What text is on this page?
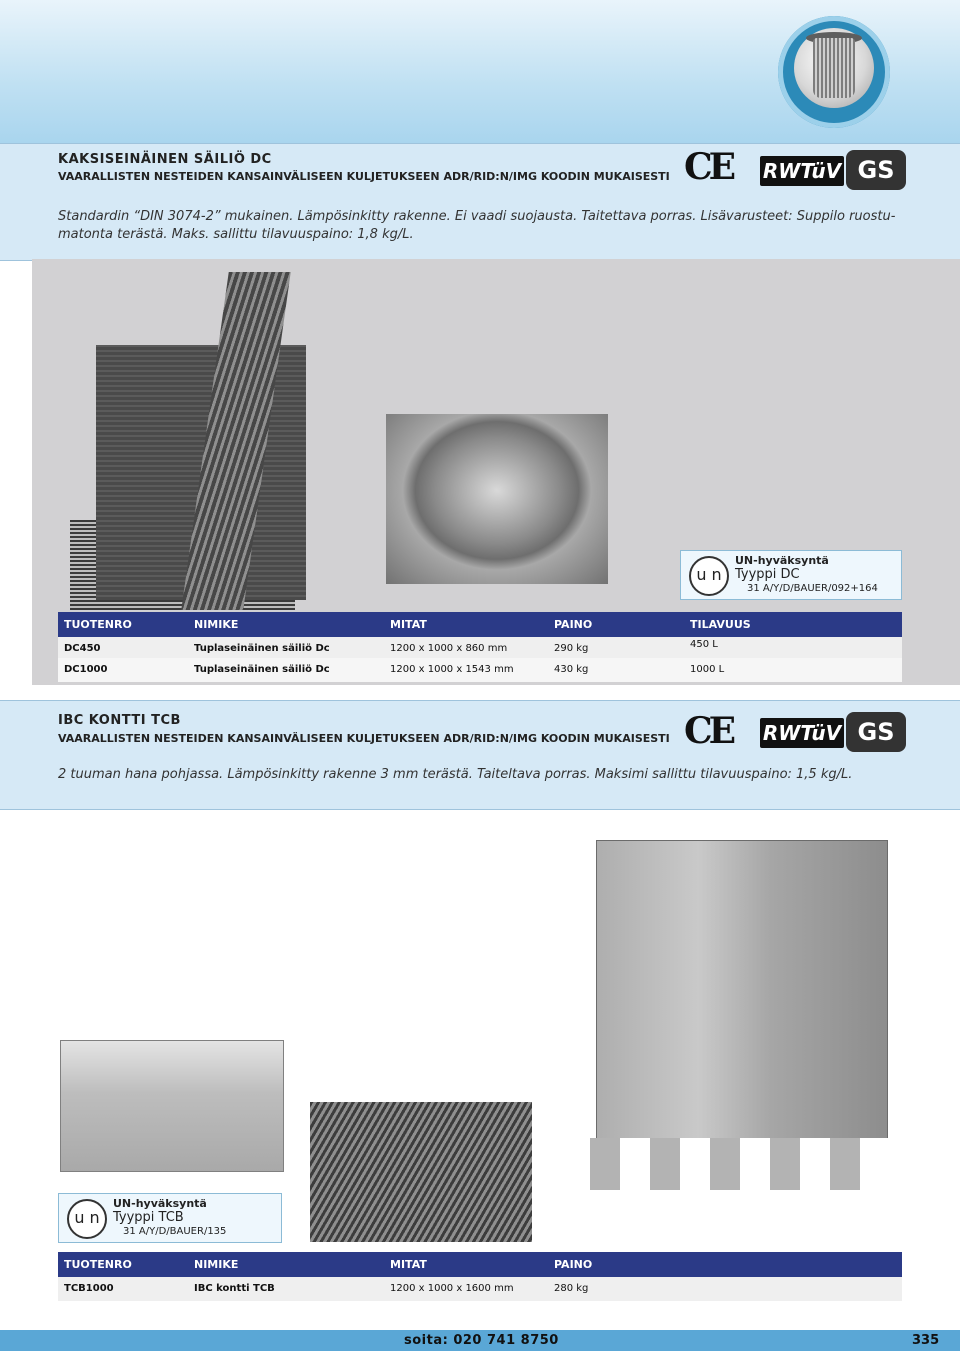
KAKSISEINÄINEN SÄILIÖ DC
VAARALLISTEN NESTEIDEN KANSAINVÄLISEEN KULJETUKSEEN ADR/RID:N/IMG KOODIN MUKAISESTI CE	RWTüV GS
Standardin “DIN 3074-2” mukainen. Lämpösinkitty rakenne. Ei vaadi suojausta. Taitettava porras. Lisävarusteet: Suppilo ruostu-
matonta terästä. Maks. sallittu tilavuuspaino: 1,8 kg/L.
u n
UN-hyväksyntä
Tyyppi DC
31 A/Y/D/BAUER/092+164
TUOTENRO	NIMIKE	MITAT	PAINO	TILAVUUS
DC450	Tuplaseinäinen säiliö Dc	1200 x 1000 x 860 mm	290 kg	450 L
DC1000	Tuplaseinäinen säiliö Dc	1200 x 1000 x 1543 mm	430 kg	1000 L
IBC KONTTI TCB
VAARALLISTEN NESTEIDEN KANSAINVÄLISEEN KULJETUKSEEN ADR/RID:N/IMG KOODIN MUKAISESTI CE	RWTüV GS
2 tuuman hana pohjassa. Lämpösinkitty rakenne 3 mm terästä. Taiteltava porras. Maksimi sallittu tilavuuspaino: 1,5 kg/L.
u n
UN-hyväksyntä
Tyyppi TCB
31 A/Y/D/BAUER/135
TUOTENRO	NIMIKE	MITAT	PAINO
TCB1000	IBC kontti TCB	1200 x 1000 x 1600 mm	280 kg
soita: 020 741 8750	335
